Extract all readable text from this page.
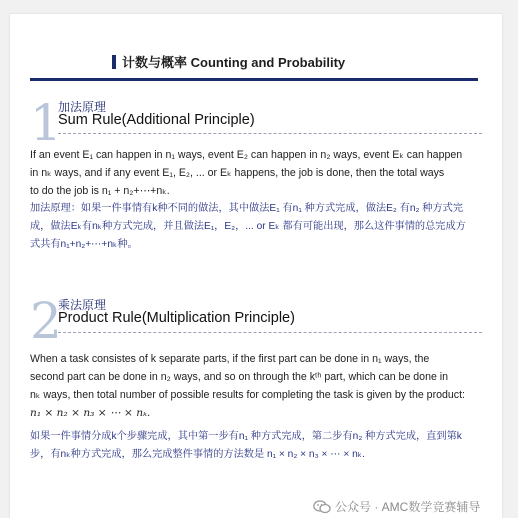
计数与概率 Counting and Probability
1
加法原理
Sum Rule(Additional Principle)
If an event E₁ can happen in n₁ ways, event E₂ can happen in n₂ ways, event Eₖ can happen
in nₖ ways, and if any event E₁, E₂, ... or Eₖ happens, the job is done, then the total ways
to do the job is n₁ + n₂+⋯+nₖ.
加法原理：如果一件事情有k种不同的做法，其中做法E₁ 有n₁ 种方式完成，做法E₂ 有n₂ 种方式完
成，做法Eₖ有nₖ种方式完成，并且做法E₁，E₂，... or Eₖ 都有可能出现，那么这件事情的总完成方
式共有n₁+n₂+⋯+nₖ种。
2
乘法原理
Product Rule(Multiplication Principle)
When a task consistes of k separate parts, if the first part can be done in n₁ ways, the
second part can be done in n₂ ways, and so on through the kᵗʰ part, which can be done in
nₖ ways, then total number of possible results for completing the task is given by the product:
n₁ × n₂ × n₃ × ⋯ × nₖ.
如果一件事情分成k个步骤完成，其中第一步有n₁ 种方式完成，第二步有n₂ 种方式完成，直到第k
步，有nₖ种方式完成，那么完成整件事情的方法数是 n₁ × n₂ × n₃ × ⋯ × nₖ.
公众号 · AMC数学竞赛辅导
